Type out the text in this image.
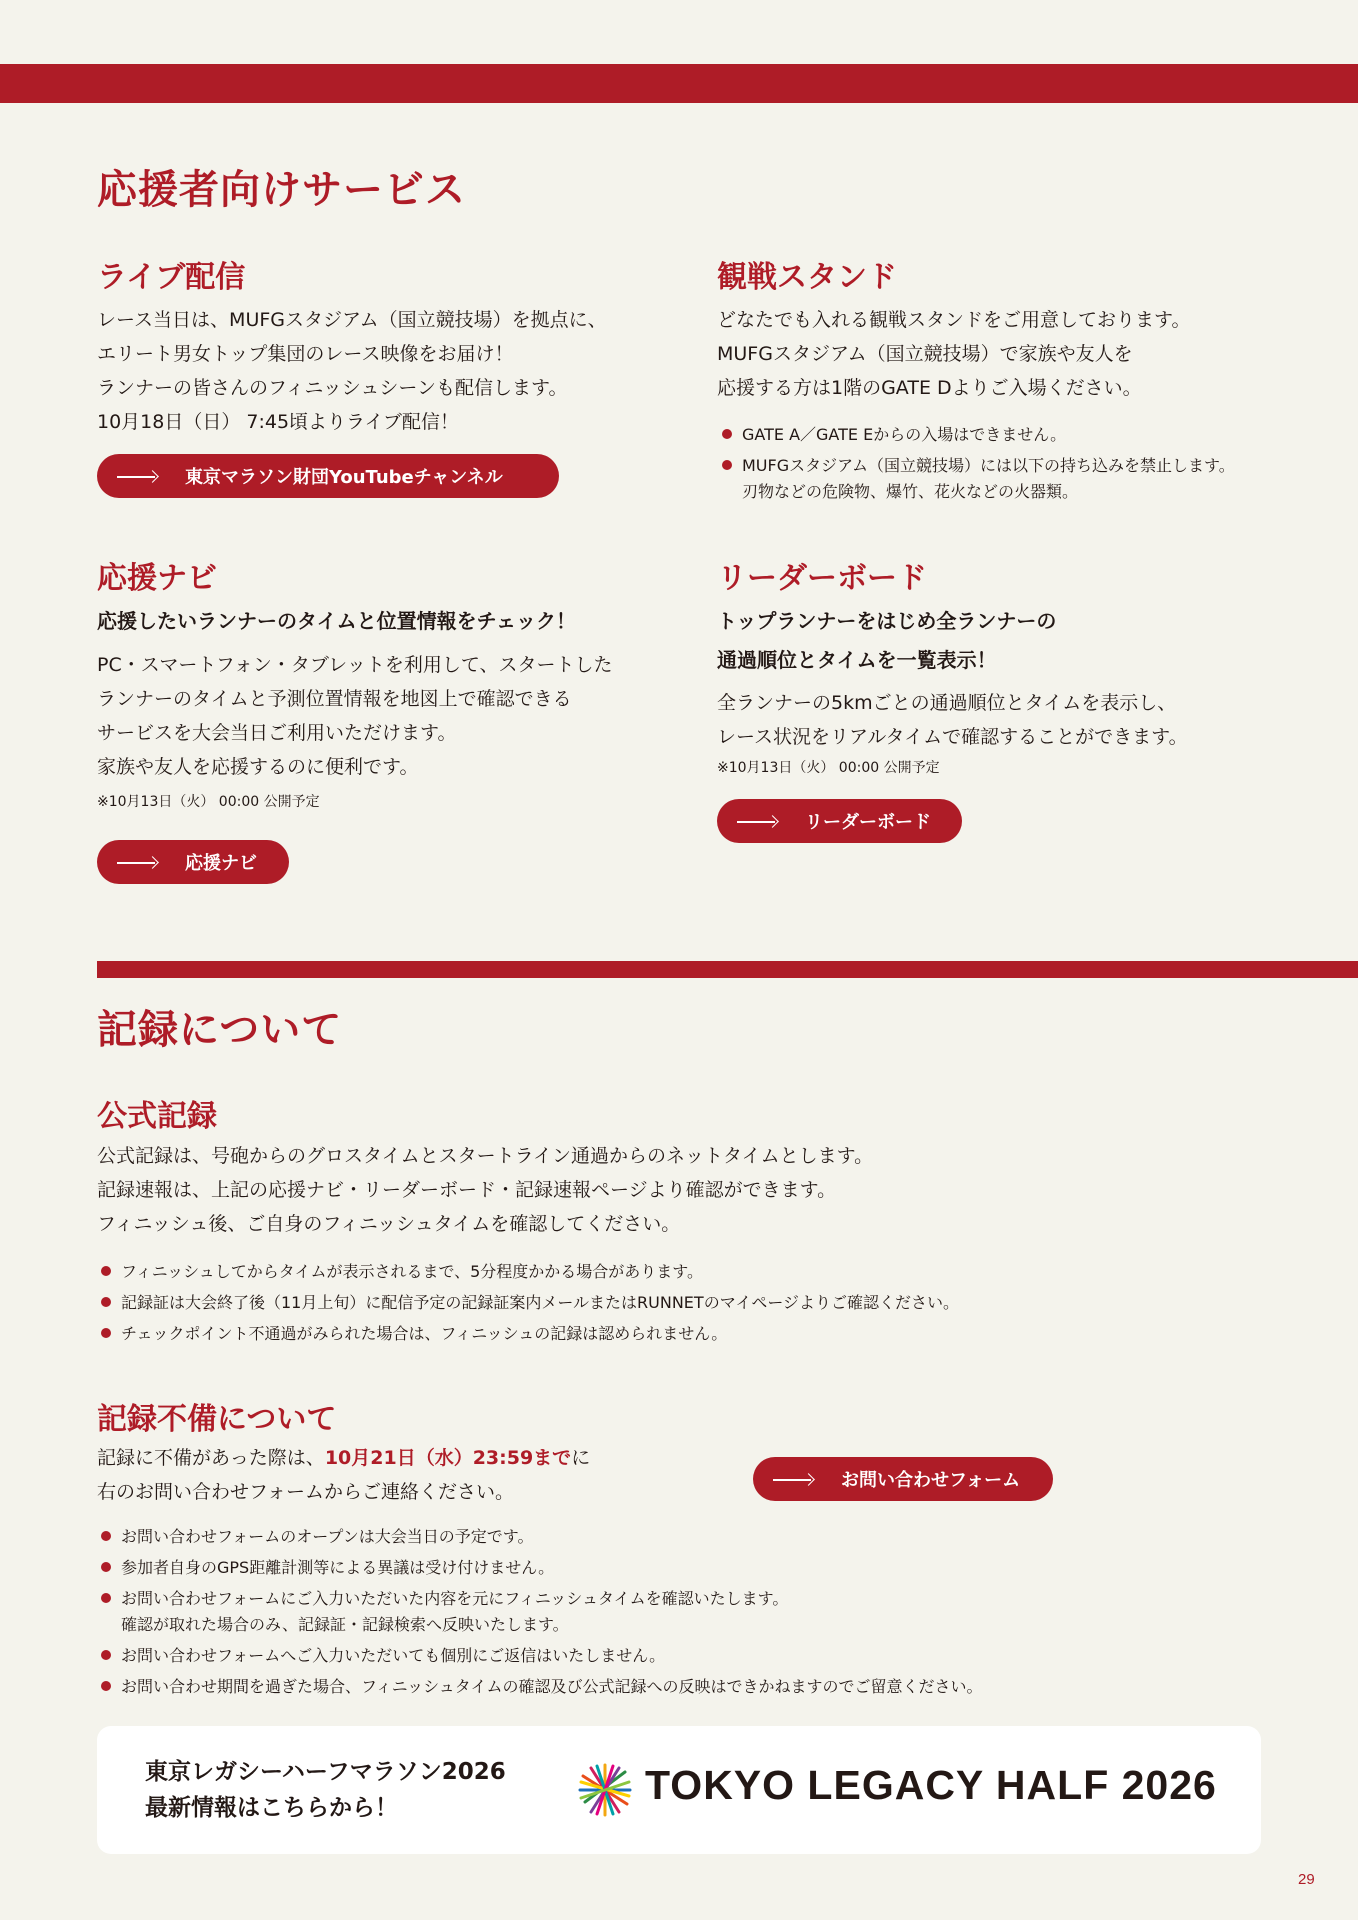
応援者向けサービス
ライブ配信
レース当日は、MUFGスタジアム（国立競技場）を拠点に、
エリート男女トップ集団のレース映像をお届け！
ランナーの皆さんのフィニッシュシーンも配信します。
10月18日（日） 7:45頃よりライブ配信！
東京マラソン財団YouTubeチャンネル
観戦スタンド
どなたでも入れる観戦スタンドをご用意しております。
MUFGスタジアム（国立競技場）で家族や友人を
応援する方は1階のGATE Dよりご入場ください。
GATE A／GATE Eからの入場はできません。
MUFGスタジアム（国立競技場）には以下の持ち込みを禁止します。
刃物などの危険物、爆竹、花火などの火器類。
応援ナビ
応援したいランナーのタイムと位置情報をチェック！
PC・スマートフォン・タブレットを利用して、スタートした
ランナーのタイムと予測位置情報を地図上で確認できる
サービスを大会当日ご利用いただけます。
家族や友人を応援するのに便利です。
※10月13日（火） 00:00 公開予定
応援ナビ
リーダーボード
トップランナーをはじめ全ランナーの
通過順位とタイムを一覧表示！
全ランナーの5kmごとの通過順位とタイムを表示し、
レース状況をリアルタイムで確認することができます。
※10月13日（火） 00:00 公開予定
リーダーボード
記録について
公式記録
公式記録は、号砲からのグロスタイムとスタートライン通過からのネットタイムとします。
記録速報は、上記の応援ナビ・リーダーボード・記録速報ページより確認ができます。
フィニッシュ後、ご自身のフィニッシュタイムを確認してください。
フィニッシュしてからタイムが表示されるまで、5分程度かかる場合があります。
記録証は大会終了後（11月上旬）に配信予定の記録証案内メールまたはRUNNETのマイページよりご確認ください。
チェックポイント不通過がみられた場合は、フィニッシュの記録は認められません。
記録不備について
記録に不備があった際は、10月21日（水）23:59までに
右のお問い合わせフォームからご連絡ください。
お問い合わせフォーム
お問い合わせフォームのオープンは大会当日の予定です。
参加者自身のGPS距離計測等による異議は受け付けません。
お問い合わせフォームにご入力いただいた内容を元にフィニッシュタイムを確認いたします。
確認が取れた場合のみ、記録証・記録検索へ反映いたします。
お問い合わせフォームへご入力いただいても個別にご返信はいたしません。
お問い合わせ期間を過ぎた場合、フィニッシュタイムの確認及び公式記録への反映はできかねますのでご留意ください。
東京レガシーハーフマラソン2026
最新情報はこちらから！	TOKYO LEGACY HALF 2026
29
